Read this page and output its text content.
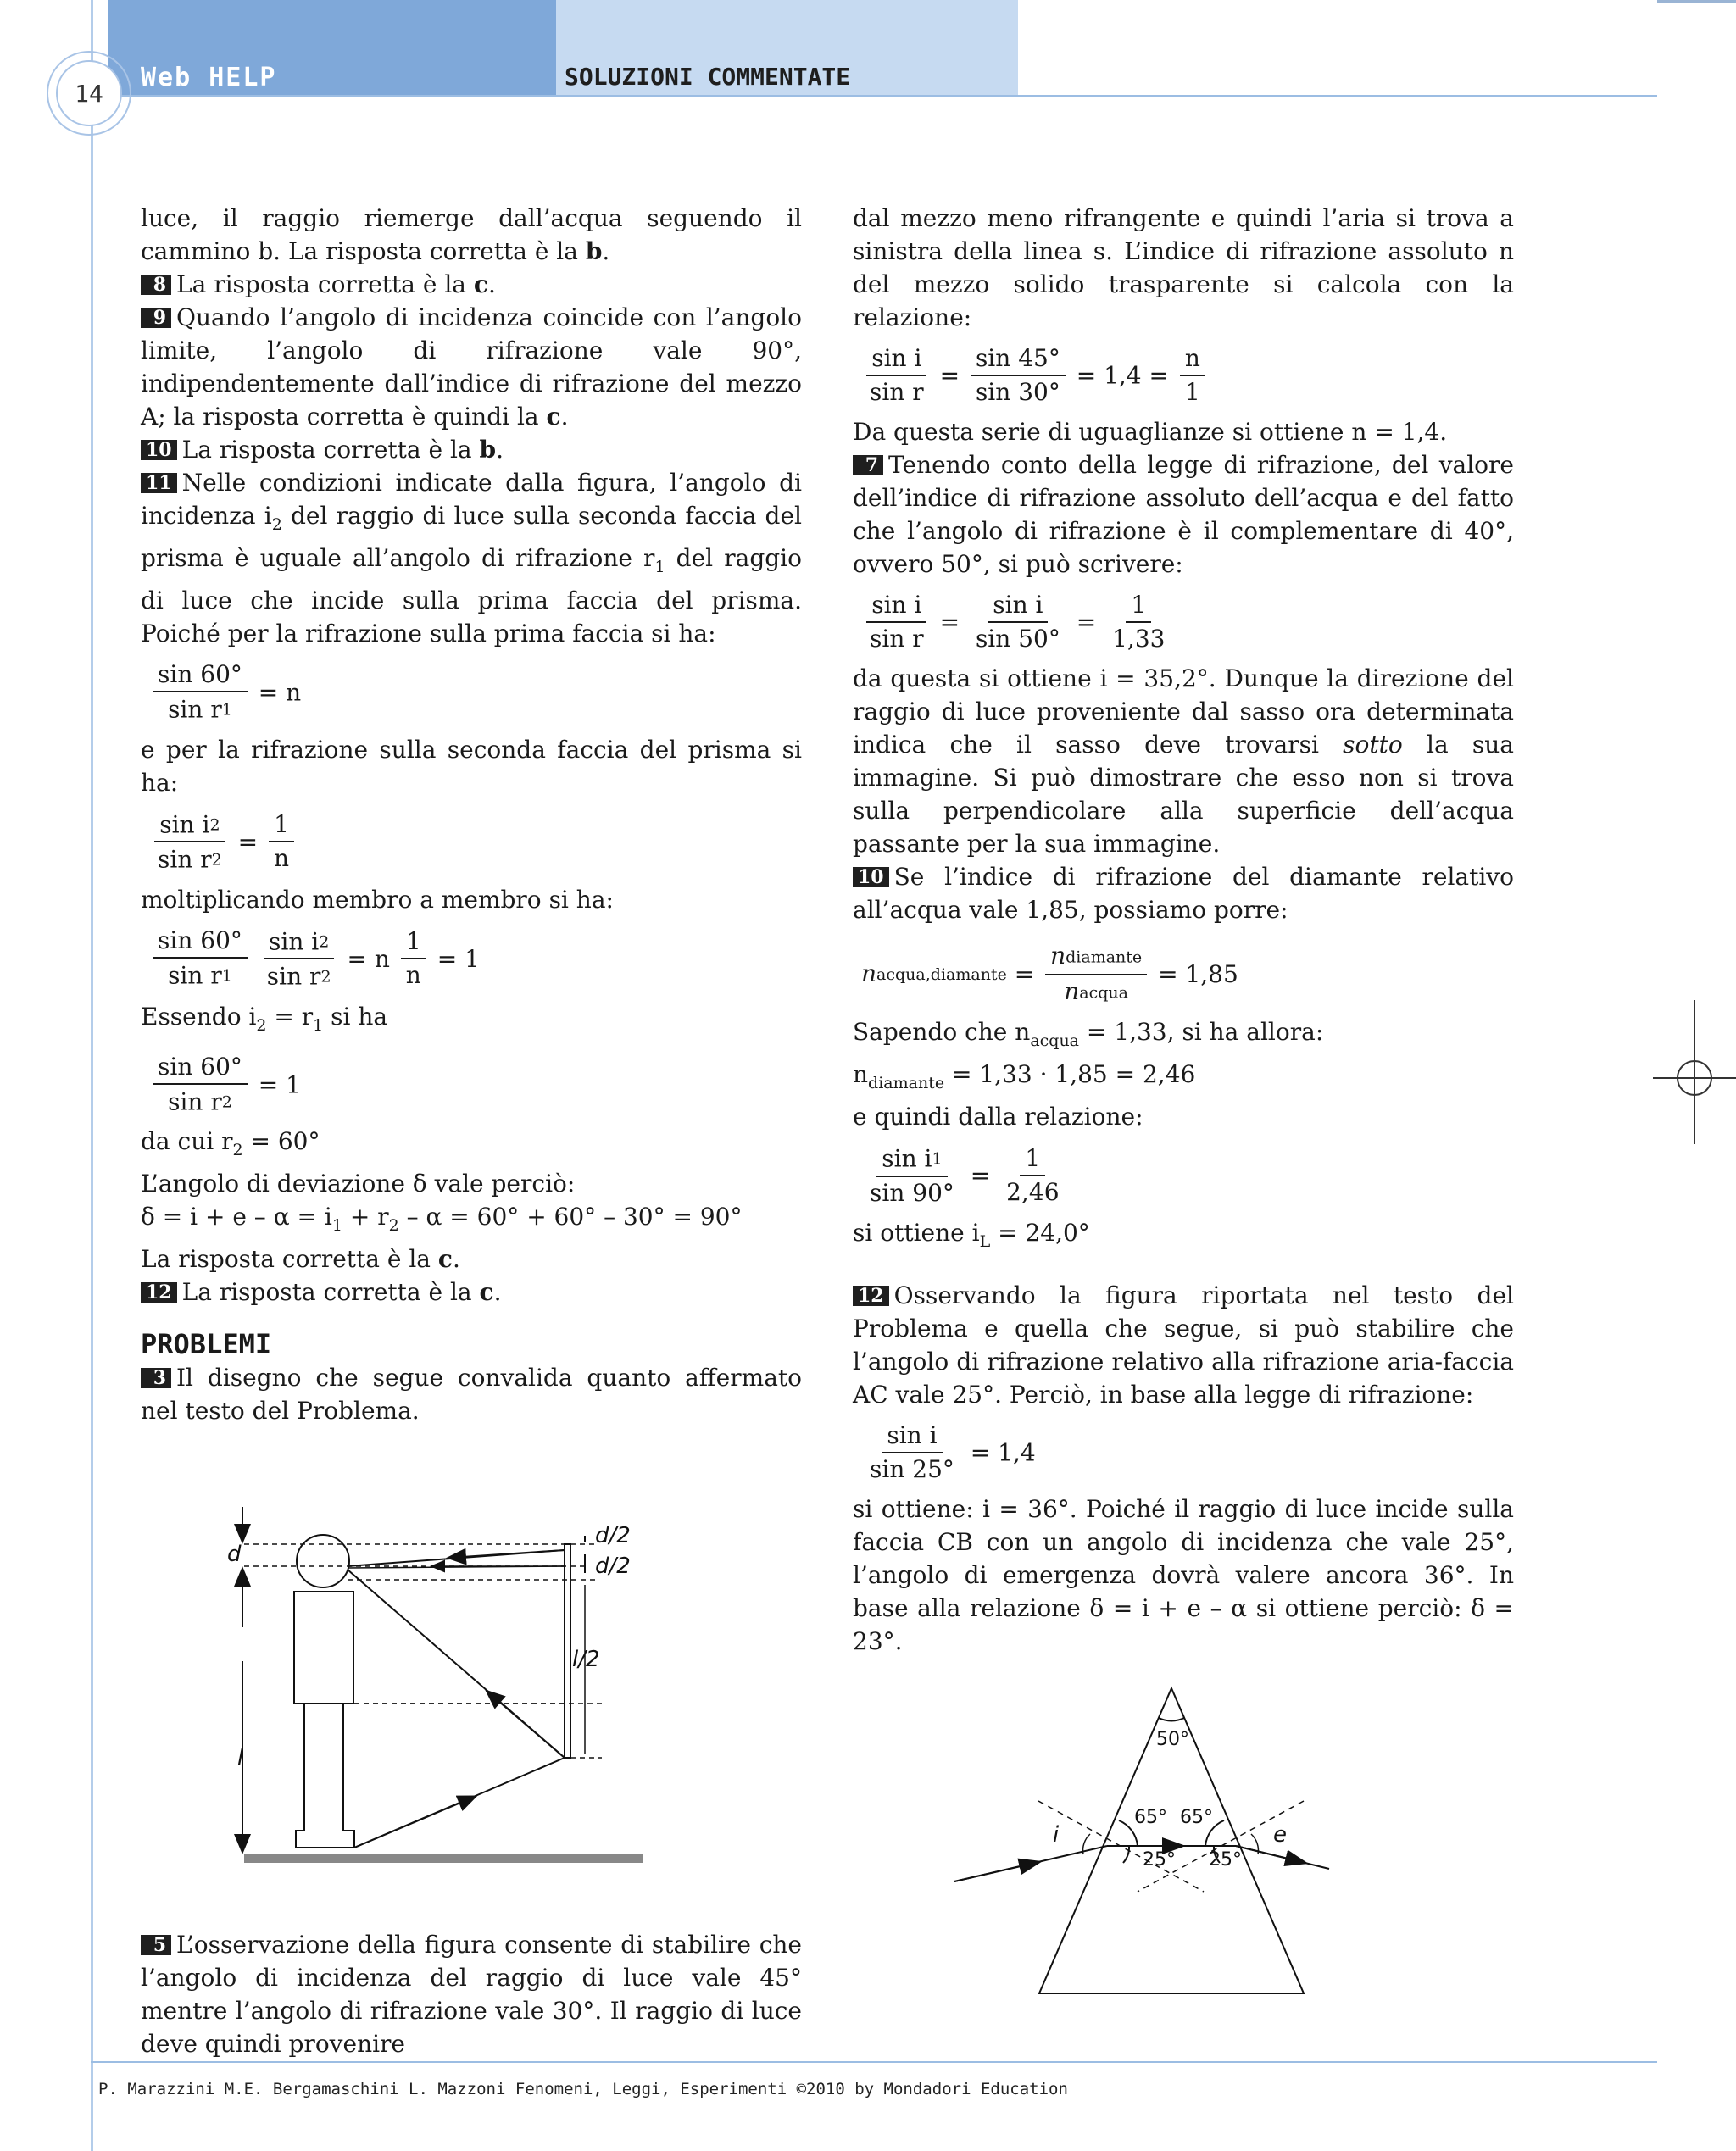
Web HELP	SOLUZIONI COMMENTATE
14

luce, il raggio riemerge dall’acqua seguendo il cammino b. La risposta corretta è la b.

8 La risposta corretta è la c.

9 Quando l’angolo di incidenza coincide con l’angolo limite, l’angolo di rifrazione vale 90°, indipendentemente dall’indice di rifrazione del mezzo A; la risposta corretta è quindi la c.

10 La risposta corretta è la b.

11 Nelle condizioni indicate dalla figura, l’angolo di incidenza $i_2$ del raggio di luce sulla seconda faccia del prisma è uguale all’angolo di rifrazione $r_1$ del raggio di luce che incide sulla prima faccia del prisma. Poiché per la rifrazione sulla prima faccia si ha:

$\frac{\sin 60^\circ}{\text{sin r1}} = n$

e per la rifrazione sulla seconda faccia del prisma si ha:

$\frac{\text{sin i2}}{\text{sin r2}} = \frac{1}{n}$

moltiplicando membro a membro si ha:

$\frac{\sin 60^\circ}{\text{sin r1}}$
$\frac{\text{sin i2}}{\text{sin r2}} = n \frac{1}{n} = 1$

Essendo $i_2 = r_1$ si ha

$\frac{\sin 60^\circ}{\text{sin r2}} = 1$

da cui $r_2 = 60^\circ$

L’angolo di deviazione δ vale perciò:

$\delta = i + e - \alpha = i_1 + r_2 - \alpha = 60^\circ + 60^\circ - 30^\circ = 90^\circ$

La risposta corretta è la c.

12 La risposta corretta è la c.

PROBLEMI

3 Il disegno che segue convalida quanto affermato nel testo del Problema.

d
d/2
d/2
l/2
l

5 L’osservazione della figura consente di stabilire che l’angolo di incidenza del raggio di luce vale 45° mentre l’angolo di rifrazione vale 30°. Il raggio di luce deve quindi provenire

dal mezzo meno rifrangente e quindi l’aria si trova a sinistra della linea s. L’indice di rifrazione assoluto n del mezzo solido trasparente si calcola con la relazione:

$\frac{\text{sin i}}{\text{sin r}} = \frac{\sin 45^\circ}{\sin 30^\circ} = 1,4 = \frac{n}{1}$

Da questa serie di uguaglianze si ottiene n = 1,4.

7 Tenendo conto della legge di rifrazione, del valore dell’indice di rifrazione assoluto dell’acqua e del fatto che l’angolo di rifrazione è il complementare di 40°, ovvero 50°, si può scrivere:

$\frac{\text{sin i}}{\text{sin r}} = \frac{\text{sin i}}{\sin 50^\circ} = \frac{1}{1,33}$

da questa si ottiene i = 35,2°. Dunque la direzione del raggio di luce proveniente dal sasso ora determinata indica che il sasso deve trovarsi sotto la sua immagine. Si può dimostrare che esso non si trova sulla perpendicolare alla superficie dell’acqua passante per la sua immagine.

10 Se l’indice di rifrazione del diamante relativo all’acqua vale 1,85, possiamo porre:

nacqua,diamante = $\frac{\text{ndiamante}}{\text{nacqua}} = 1,85$

Sapendo che $n_{acqua} = 1,33$, si ha allora:

$n_{diamante} = 1,33 \cdot 1,85 = 2,46$

e quindi dalla relazione:

$\frac{\text{sin i1}}{\sin 90^\circ} = \frac{1}{2,46}$

si ottiene $i_L = 24,0^\circ$

12 Osservando la figura riportata nel testo del Problema e quella che segue, si può stabilire che l’angolo di rifrazione relativo alla rifrazione aria-faccia AC vale 25°. Perciò, in base alla legge di rifrazione:

$\frac{\text{sin i}}{\sin 25^\circ} = 1,4$

si ottiene: i = 36°. Poiché il raggio di luce incide sulla faccia CB con un angolo di incidenza che vale 25°, l’angolo di emergenza dovrà valere ancora 36°. In base alla relazione δ = i + e – α si ottiene perciò: δ = 23°.

50°
65° 65°
25° 25°
i	e
P. Marazzini M.E. Bergamaschini L. Mazzoni Fenomeni, Leggi, Esperimenti ©2010 by Mondadori Education
